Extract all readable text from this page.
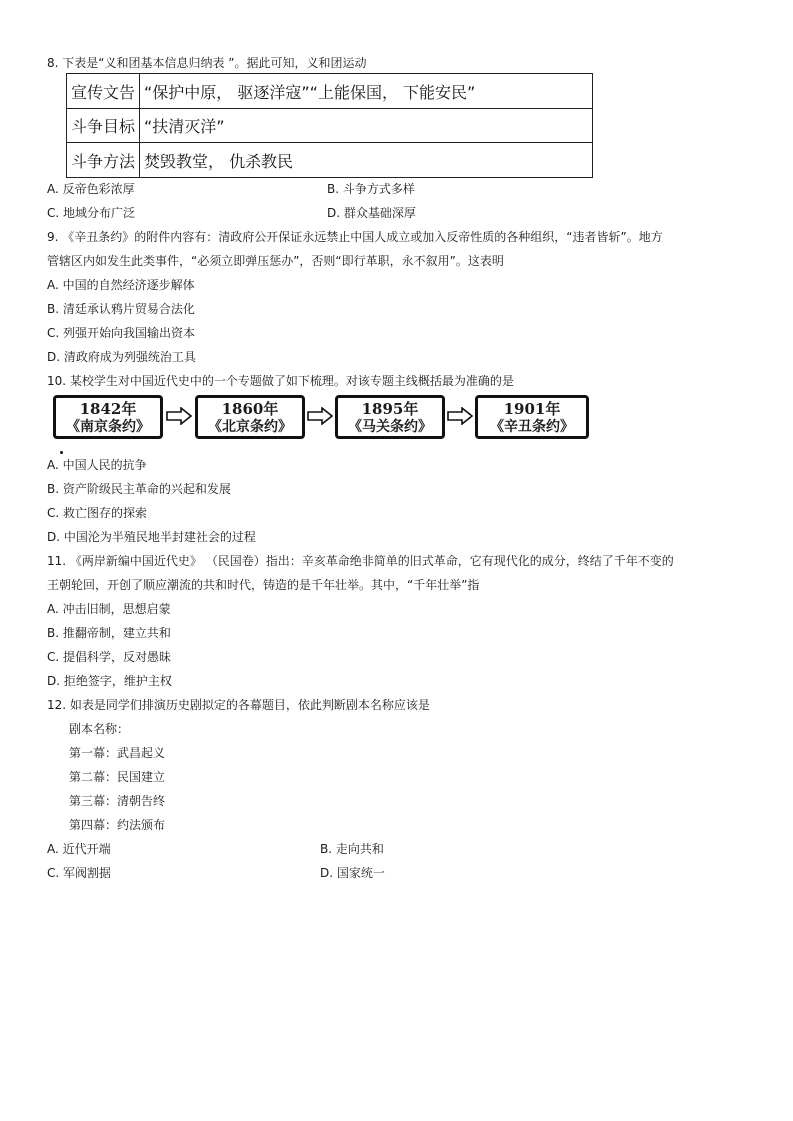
8. 下表是“义和团基本信息归纳表 ”。据此可知，义和团运动
宣传文告	“保护中原， 驱逐洋寇”“上能保国， 下能安民”
斗争目标	“扶清灭洋”
斗争方法	焚毁教堂， 仇杀教民
A. 反帝色彩浓厚	B. 斗争方式多样
C. 地域分布广泛	D. 群众基础深厚
9. 《辛丑条约》的附件内容有：清政府公开保证永远禁止中国人成立或加入反帝性质的各种组织，“违者皆斩”。地方
管辖区内如发生此类事件，“必须立即弹压惩办”，否则“即行革职，永不叙用”。这表明
A. 中国的自然经济逐步解体
B. 清廷承认鸦片贸易合法化
C. 列强开始向我国输出资本
D. 清政府成为列强统治工具
10. 某校学生对中国近代史中的一个专题做了如下梳理。对该专题主线概括最为准确的是
1842年
《南京条约》
1860年
《北京条约》
1895年
《马关条约》
1901年
《辛丑条约》
A. 中国人民的抗争
B. 资产阶级民主革命的兴起和发展
C. 救亡图存的探索
D. 中国沦为半殖民地半封建社会的过程
11. 《两岸新编中国近代史》 （民国卷）指出：辛亥革命绝非简单的旧式革命，它有现代化的成分，终结了千年不变的
王朝轮回，开创了顺应潮流的共和时代，铸造的是千年壮举。其中，“千年壮举”指
A. 冲击旧制，思想启蒙
B. 推翻帝制，建立共和
C. 提倡科学，反对愚昧
D. 拒绝签字，维护主权
12. 如表是同学们排演历史剧拟定的各幕题目，依此判断剧本名称应该是
剧本名称：
第一幕：武昌起义
第二幕：民国建立
第三幕：清朝告终
第四幕：约法颁布
A. 近代开端	B. 走向共和
C. 军阀割据	D. 国家统一
